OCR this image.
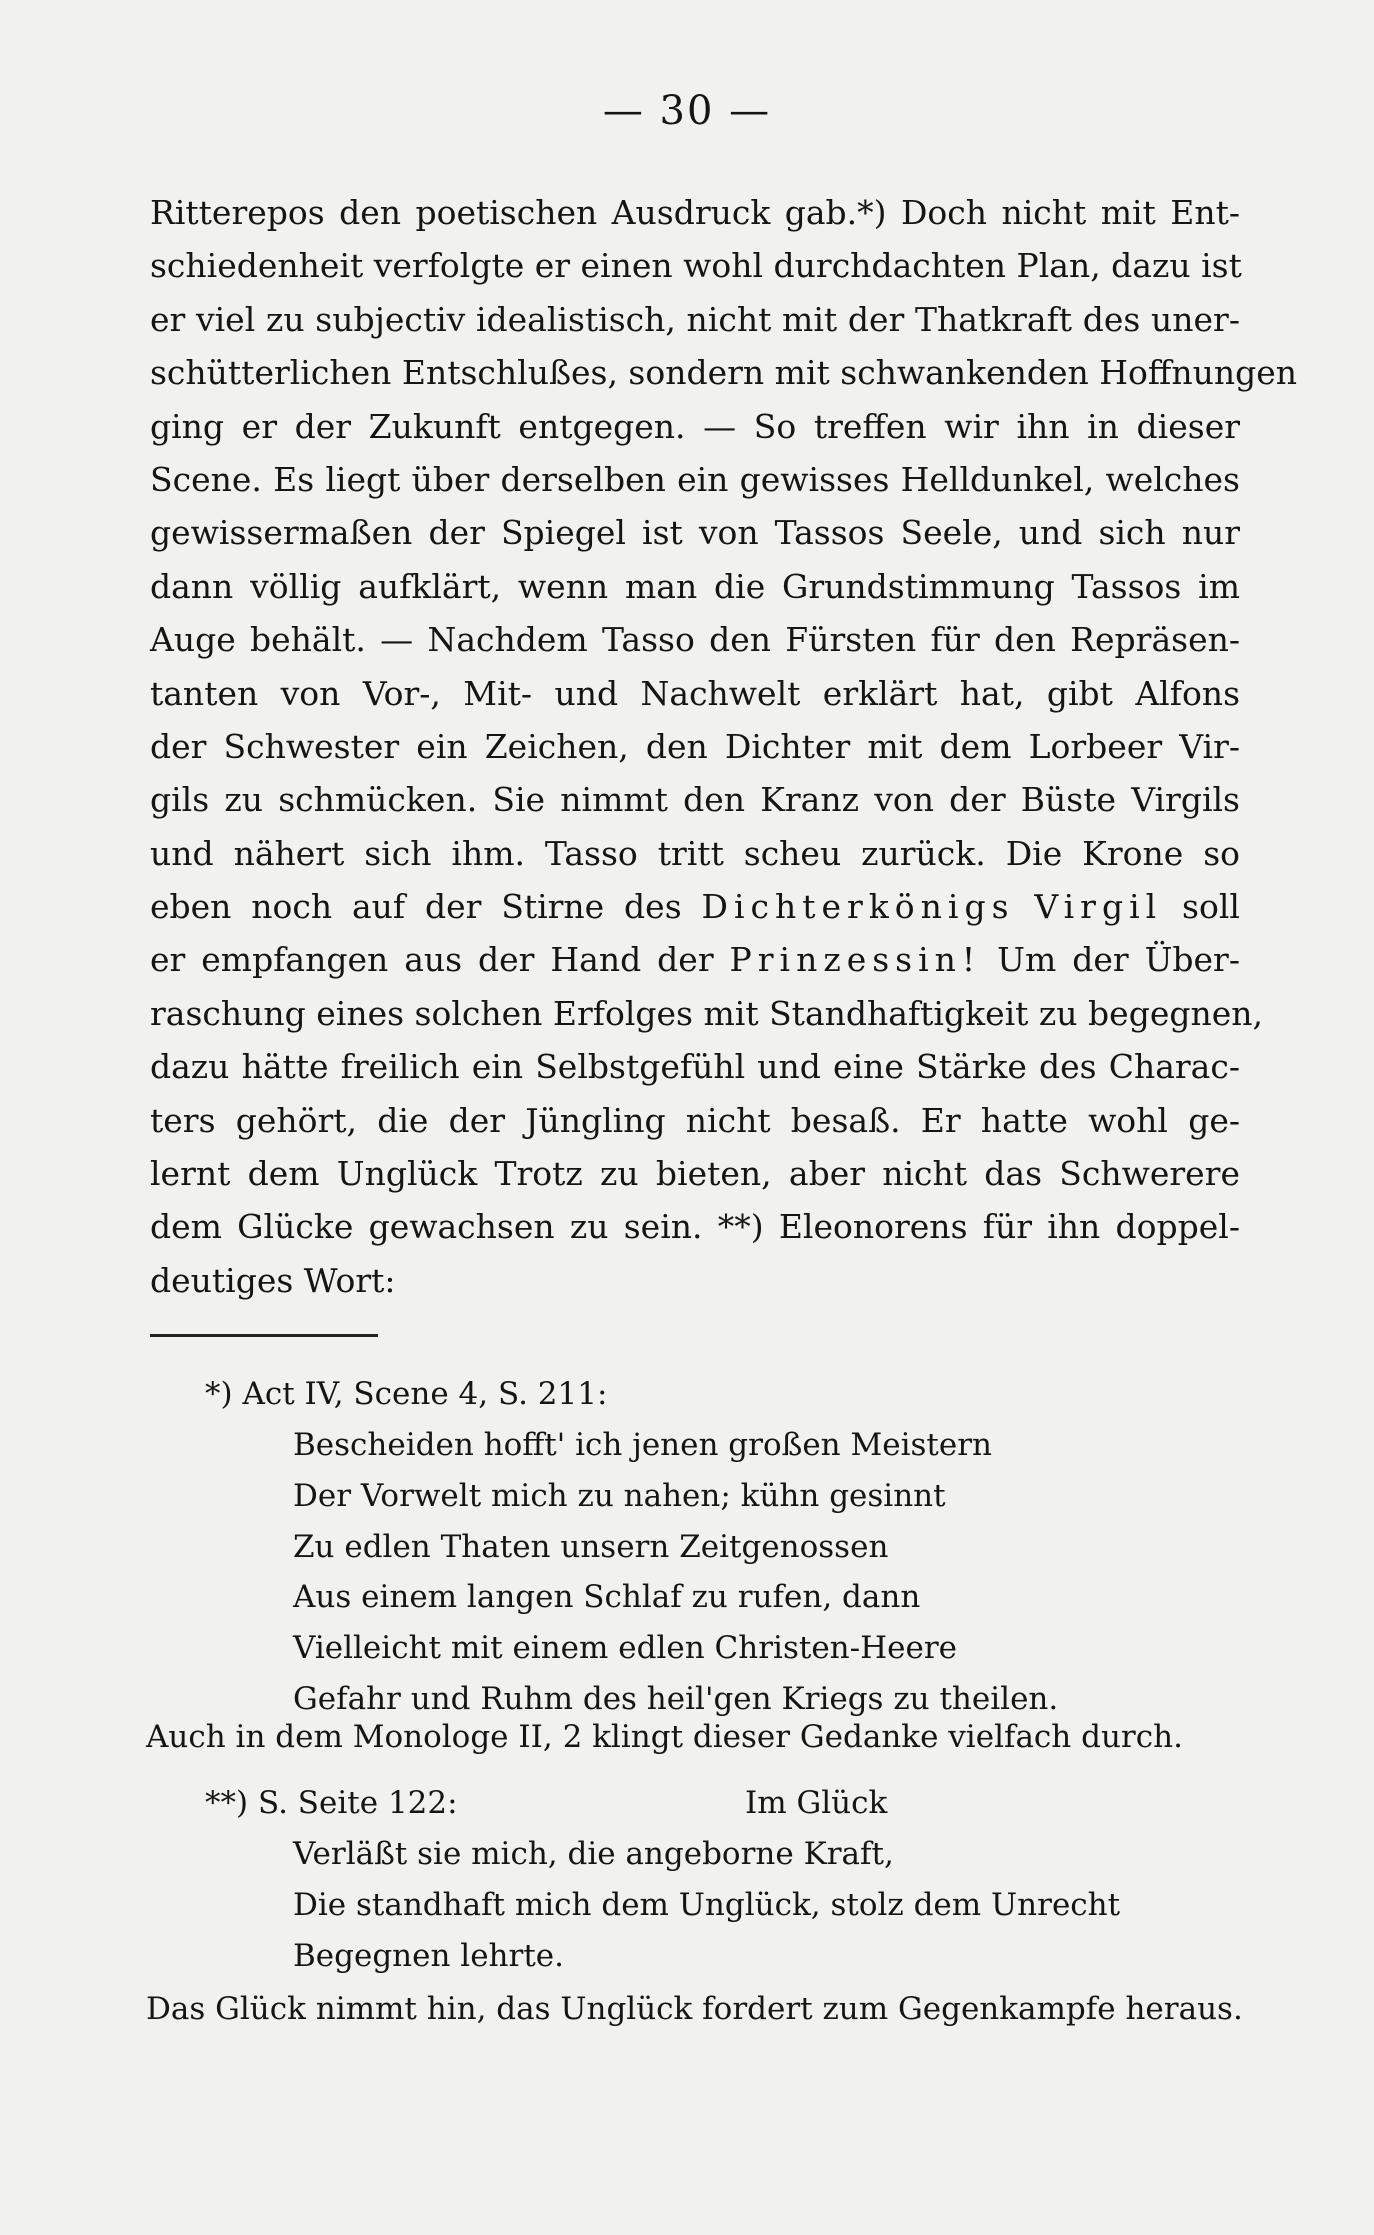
— 30 —
Ritterepos den poetischen Ausdruck gab.*) Doch nicht mit Ent-
schiedenheit verfolgte er einen wohl durchdachten Plan, dazu ist
er viel zu subjectiv idealistisch, nicht mit der Thatkraft des uner-
schütterlichen Entschlußes, sondern mit schwankenden Hoffnungen
ging er der Zukunft entgegen. — So treffen wir ihn in dieser
Scene. Es liegt über derselben ein gewisses Helldunkel, welches
gewissermaßen der Spiegel ist von Tassos Seele, und sich nur
dann völlig aufklärt, wenn man die Grundstimmung Tassos im
Auge behält. — Nachdem Tasso den Fürsten für den Repräsen-
tanten von Vor-, Mit- und Nachwelt erklärt hat, gibt Alfons
der Schwester ein Zeichen, den Dichter mit dem Lorbeer Vir-
gils zu schmücken. Sie nimmt den Kranz von der Büste Virgils
und nähert sich ihm. Tasso tritt scheu zurück. Die Krone so
eben noch auf der Stirne des Dichterkönigs Virgil soll
er empfangen aus der Hand der Prinzessin! Um der Über-
raschung eines solchen Erfolges mit Standhaftigkeit zu begegnen,
dazu hätte freilich ein Selbstgefühl und eine Stärke des Charac-
ters gehört, die der Jüngling nicht besaß. Er hatte wohl ge-
lernt dem Unglück Trotz zu bieten, aber nicht das Schwerere
dem Glücke gewachsen zu sein. **) Eleonorens für ihn doppel-
deutiges Wort:
*) Act IV, Scene 4, S. 211:
Bescheiden hofft' ich jenen großen Meistern
Der Vorwelt mich zu nahen; kühn gesinnt
Zu edlen Thaten unsern Zeitgenossen
Aus einem langen Schlaf zu rufen, dann
Vielleicht mit einem edlen Christen-Heere
Gefahr und Ruhm des heil'gen Kriegs zu theilen.
Auch in dem Monologe II, 2 klingt dieser Gedanke vielfach durch.
**) S. Seite 122:	Im Glück
Verläßt sie mich, die angeborne Kraft,
Die standhaft mich dem Unglück, stolz dem Unrecht
Begegnen lehrte.
Das Glück nimmt hin, das Unglück fordert zum Gegenkampfe heraus.
